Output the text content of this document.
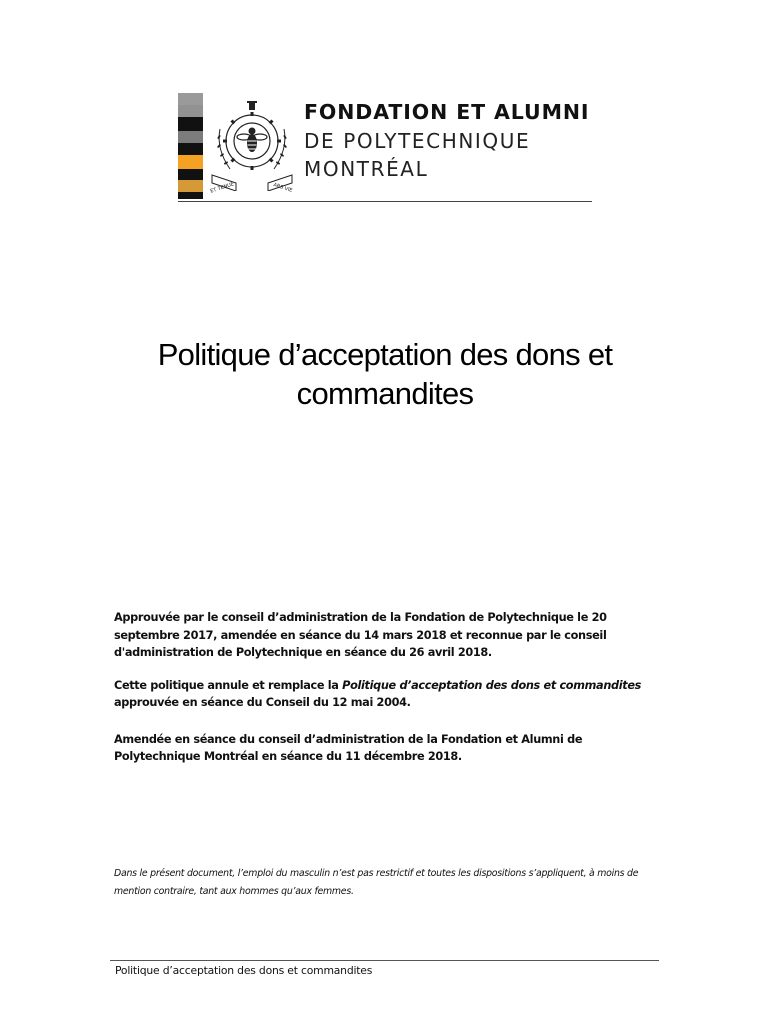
ET TENUE	ARS VIE
FONDATION ET ALUMNI
DE POLYTECHNIQUE
MONTRÉAL
Politique d’acceptation des dons et
commandites

Approuvée par le conseil d’administration de la Fondation de Polytechnique le 20 septembre 2017, amendée en séance du 14 mars 2018 et reconnue par le conseil d'administration de Polytechnique en séance du 26 avril 2018.

Cette politique annule et remplace la Politique d’acceptation des dons et commandites approuvée en séance du Conseil du 12 mai 2004.

Amendée en séance du conseil d’administration de la Fondation et Alumni de Polytechnique Montréal en séance du 11 décembre 2018.

Dans le présent document, l’emploi du masculin n’est pas restrictif et toutes les dispositions s’appliquent, à moins de mention contraire, tant aux hommes qu’aux femmes.
Politique d’acceptation des dons et commandites
